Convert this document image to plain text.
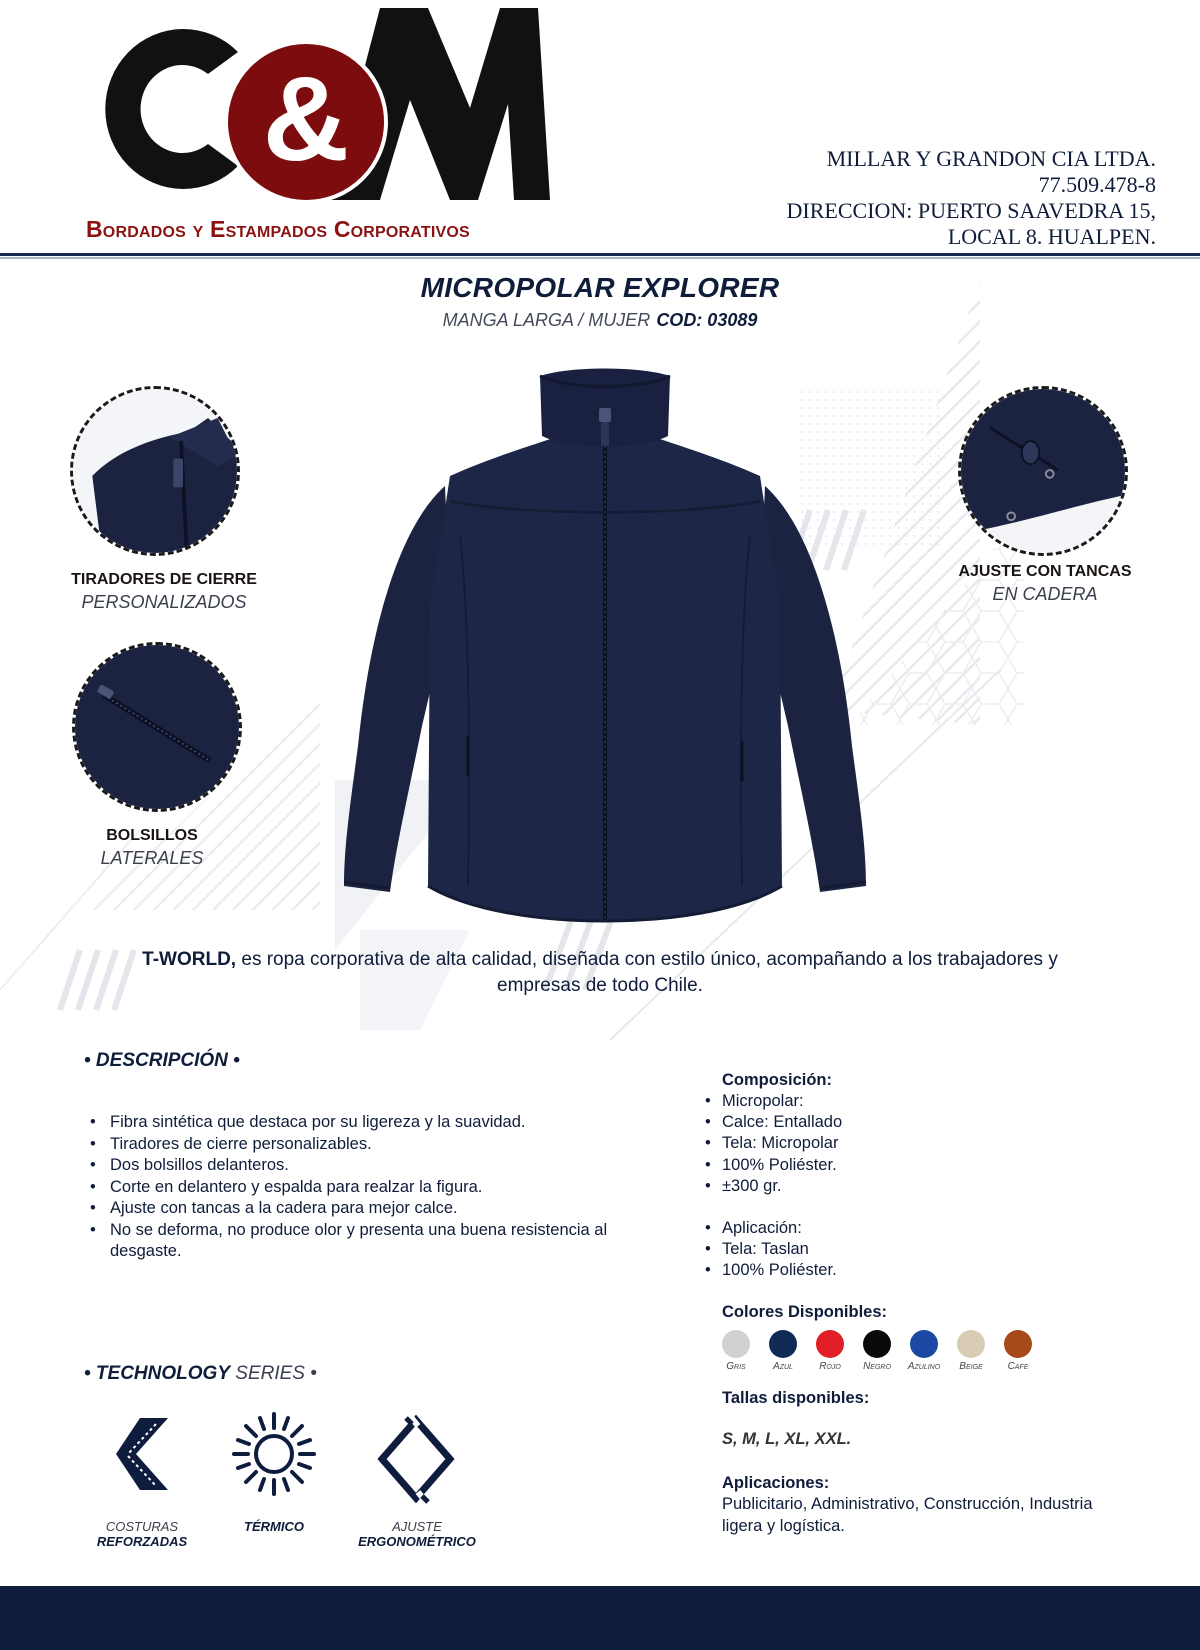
&
Bordados y Estampados Corporativos
MILLAR Y GRANDON CIA LTDA.
77.509.478-8
DIRECCION: PUERTO SAAVEDRA 15,
LOCAL 8. HUALPEN.
MICROPOLAR EXPLORER
MANGA LARGA / MUJER COD: 03089
TIRADORES DE CIERRE
PERSONALIZADOS
BOLSILLOS
LATERALES
AJUSTE CON TANCAS
EN CADERA
T-WORLD, es ropa corporativa de alta calidad, diseñada con estilo único, acompañando a los trabajadores y empresas de todo Chile.
• DESCRIPCIÓN •
• Fibra sintética que destaca por su ligereza y la suavidad.
• Tiradores de cierre personalizables.
• Dos bolsillos delanteros.
• Corte en delantero y espalda para realzar la figura.
• Ajuste con tancas a la cadera para mejor calce.
• No se deforma, no produce olor y presenta una buena resistencia al desgaste.
Composición:
• Micropolar:
• Calce: Entallado
• Tela: Micropolar
• 100% Poliéster.
• ±300 gr.
• Aplicación:
• Tela: Taslan
• 100% Poliéster.
Colores Disponibles:
Gris	Azul	Rojo	Negro	Azulino	Beige	Cafe
Tallas disponibles:
S, M, L, XL, XXL.
Aplicaciones:
Publicitario, Administrativo, Construcción, Industria ligera y logística.
• TECHNOLOGY SERIES •
COSTURAS
REFORZADAS
TÉRMICO	AJUSTE
ERGONOMÉTRICO
